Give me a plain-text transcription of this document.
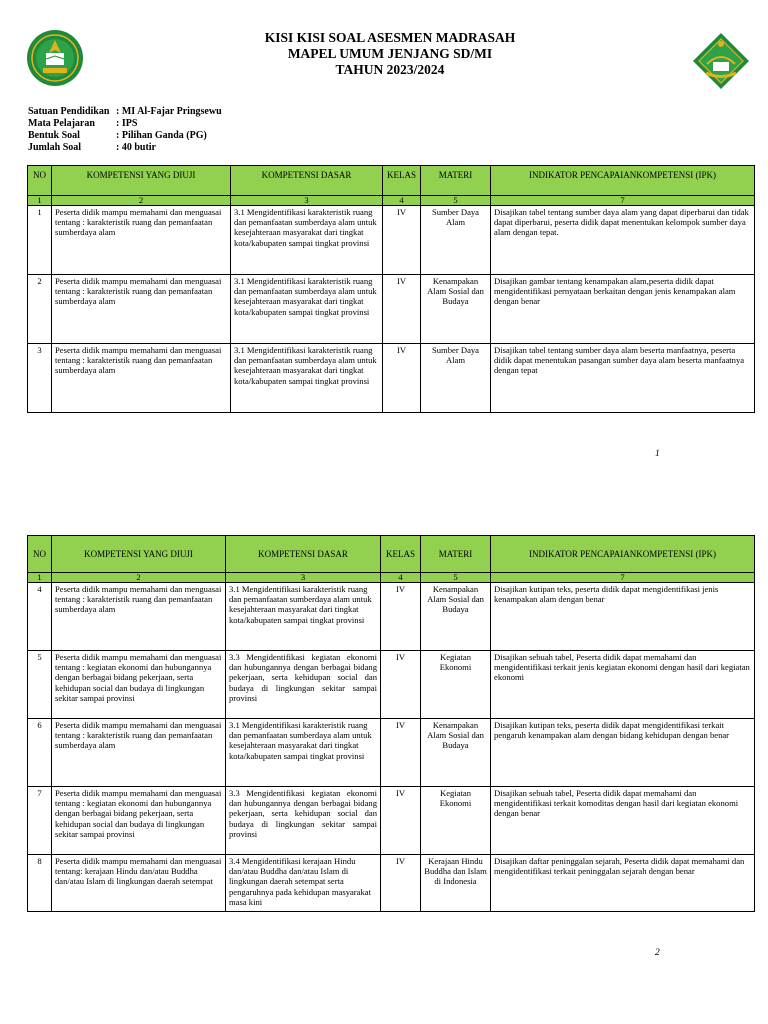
KISI KISI SOAL ASESMEN MADRASAH
MAPEL UMUM JENJANG SD/MI
TAHUN 2023/2024
Satuan Pendidikan : MI Al-Fajar Pringsewu
Mata Pelajaran	: IPS
Bentuk Soal	: Pilihan Ganda (PG)
Jumlah Soal	: 40 butir
NO	KOMPETENSI YANG DIUJI	KOMPETENSI DASAR	KELAS	MATERI	INDIKATOR PENCAPAIANKOMPETENSI (IPK)
1	2	3	4	5	7
1	Peserta didik mampu memahami dan menguasai tentang : karakteristik ruang dan pemanfaatan sumberdaya alam	3.1 Mengidentifikasi karakteristik ruang dan pemanfaatan sumberdaya alam untuk kesejahteraan masyarakat dari tingkat kota/kabupaten sampai tingkat provinsi	IV	Sumber Daya Alam	Disajikan tabel tentang sumber daya alam yang dapat diperbarui dan tidak dapat diperbarui, peserta didik dapat menentukan kelompok sumber daya alam dengan tepat.
2	Peserta didik mampu memahami dan menguasai tentang : karakteristik ruang dan pemanfaatan sumberdaya alam	3.1 Mengidentifikasi karakteristik ruang dan pemanfaatan sumberdaya alam untuk kesejahteraan masyarakat dari tingkat kota/kabupaten sampai tingkat provinsi	IV	Kenampakan Alam Sosial dan Budaya	Disajikan gambar tentang kenampakan alam,peserta didik dapat mengidentifikasi pernyataan berkaitan dengan jenis kenampakan alam dengan benar
3	Peserta didik mampu memahami dan menguasai tentang : karakteristik ruang dan pemanfaatan sumberdaya alam	3.1 Mengidentifikasi karakteristik ruang dan pemanfaatan sumberdaya alam untuk kesejahteraan masyarakat dari tingkat kota/kabupaten sampai tingkat provinsi	IV	Sumber Daya Alam	Disajikan tabel tentang sumber daya alam beserta manfaatnya, peserta didik dapat menentukan pasangan sumber daya alam beserta manfaatnya dengan tepat
1
NO	KOMPETENSI YANG DIUJI	KOMPETENSI DASAR	KELAS	MATERI	INDIKATOR PENCAPAIANKOMPETENSI (IPK)
1	2	3	4	5	7
4	Peserta didik mampu memahami dan menguasai tentang : karakteristik ruang dan pemanfaatan sumberdaya alam	3.1 Mengidentifikasi karakteristik ruang dan pemanfaatan sumberdaya alam untuk kesejahteraan masyarakat dari tingkat kota/kabupaten sampai tingkat provinsi	IV	Kenampakan Alam Sosial dan Budaya	Disajikan kutipan teks, peserta didik dapat mengidentifikasi jenis kenampakan alam dengan benar
5	Peserta didik mampu memahami dan menguasai tentang : kegiatan ekonomi dan hubungannya dengan berbagai bidang pekerjaan, serta kehidupan social dan budaya di lingkungan sekitar sampai provinsi	3.3 Mengidentifikasi kegiatan ekonomi dan hubungannya dengan berbagai bidang pekerjaan, serta kehidupan social dan budaya di lingkungan sekitar sampai provinsi	IV	Kegiatan Ekonomi	Disajikan sebuah tabel, Peserta didik dapat memahami dan mengidentifikasi terkait jenis kegiatan ekonomi dengan hasil dari kegiatan ekonomi
6	Peserta didik mampu memahami dan menguasai tentang : karakteristik ruang dan pemanfaatan sumberdaya alam	3.1 Mengidentifikasi karakteristik ruang dan pemanfaatan sumberdaya alam untuk kesejahteraan masyarakat dari tingkat kota/kabupaten sampai tingkat provinsi	IV	Kenampakan Alam Sosial dan Budaya	Disajikan kutipan teks, peserta didik dapat mengidentifikasi terkait pengaruh kenampakan alam dengan bidang kehidupan dengan benar
7	Peserta didik mampu memahami dan menguasai tentang : kegiatan ekonomi dan hubungannya dengan berbagai bidang pekerjaan, serta kehidupan social dan budaya di lingkungan sekitar sampai provinsi	3.3 Mengidentifikasi kegiatan ekonomi dan hubungannya dengan berbagai bidang pekerjaan, serta kehidupan social dan budaya di lingkungan sekitar sampai provinsi	IV	Kegiatan Ekonomi	Disajikan sebuah tabel, Peserta didik dapat memahami dan mengidentifikasi terkait komoditas dengan hasil dari kegiatan ekonomi dengan benar
8	Peserta didik mampu memahami dan menguasai tentang: kerajaan Hindu dan/atau Buddha dan/atau Islam di lingkungan daerah setempat	3.4 Mengidentifikasi kerajaan Hindu dan/atau Buddha dan/atau Islam di lingkungan daerah setempat serta pengaruhnya pada kehidupan masyarakat masa kini	IV	Kerajaan Hindu Buddha dan Islam di Indonesia	Disajikan daftar peninggalan sejarah, Peserta didik dapat memahami dan mengidentifikasi terkait peninggalan sejarah dengan benar
2
